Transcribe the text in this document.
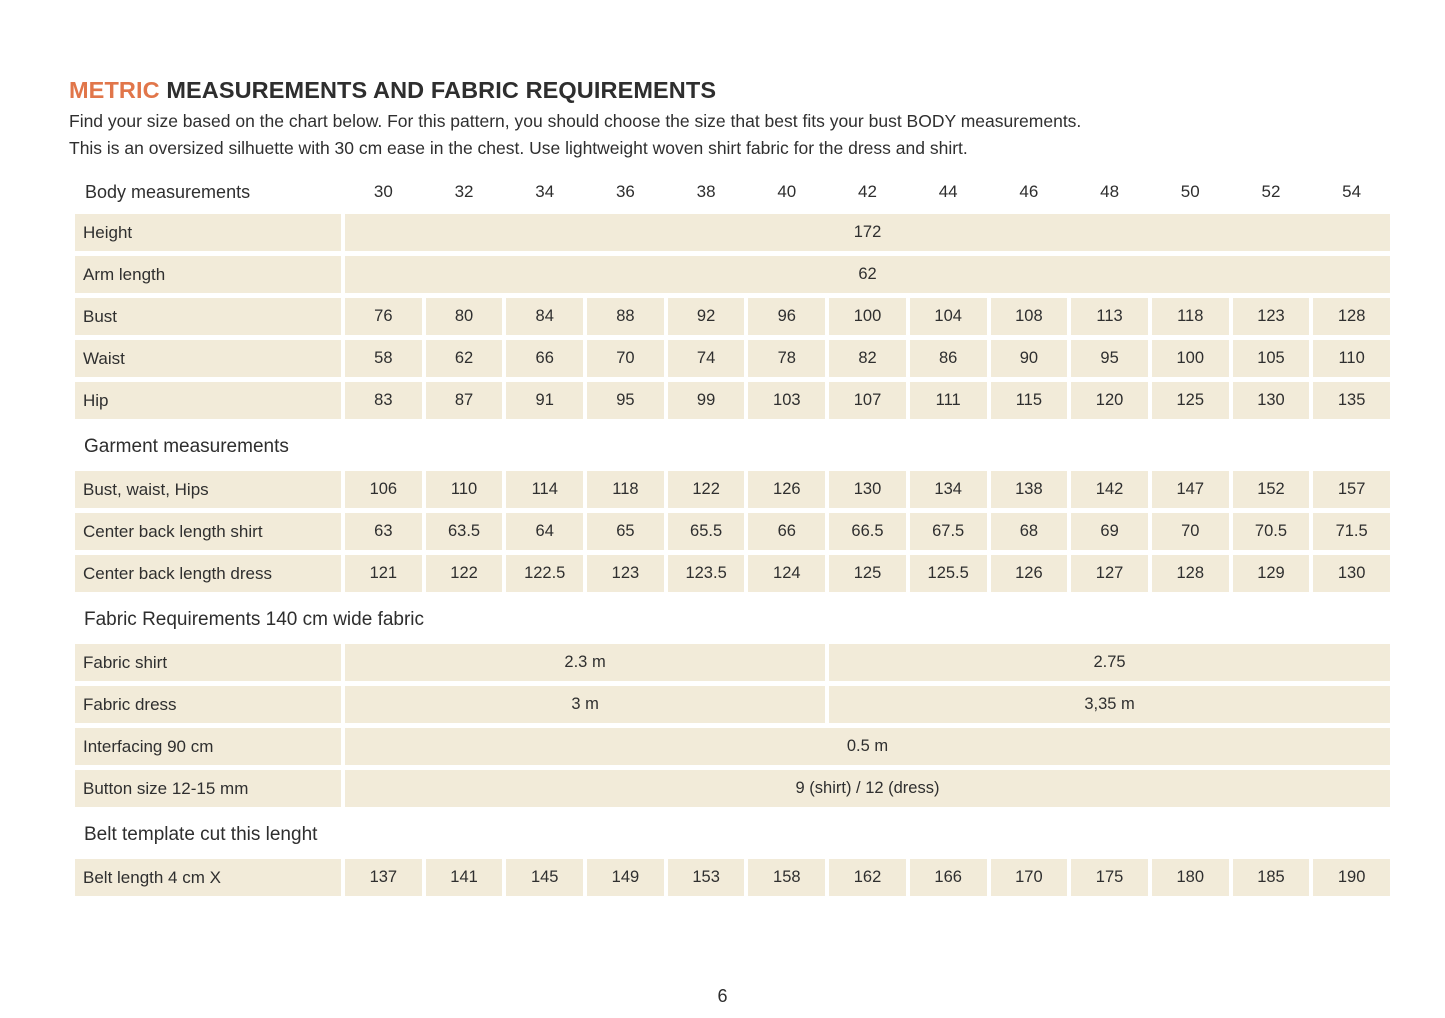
METRIC MEASUREMENTS AND FABRIC REQUIREMENTS
Find your size based on the chart below. For this pattern, you should choose the size that best fits your bust BODY measurements.
This is an oversized silhuette with 30 cm ease in the chest. Use lightweight woven shirt fabric for the dress and shirt.
Body measurements	30	32	34	36	38	40	42	44	46	48	50	52	54
Height	172
Arm length	62
Bust	76	80	84	88	92	96	100	104	108	113	118	123	128
Waist	58	62	66	70	74	78	82	86	90	95	100	105	110
Hip	83	87	91	95	99	103	107	111	115	120	125	130	135
Garment measurements
Bust, waist, Hips	106	110	114	118	122	126	130	134	138	142	147	152	157
Center back length shirt	63	63.5	64	65	65.5	66	66.5	67.5	68	69	70	70.5	71.5
Center back length dress	121	122	122.5	123	123.5	124	125	125.5	126	127	128	129	130
Fabric Requirements 140 cm wide fabric
Fabric shirt	2.3 m	2.75
Fabric dress	3 m	3,35 m
Interfacing 90 cm	0.5 m
Button size 12-15 mm	9 (shirt) / 12 (dress)
Belt template cut this lenght
Belt length 4 cm X	137	141	145	149	153	158	162	166	170	175	180	185	190
6
